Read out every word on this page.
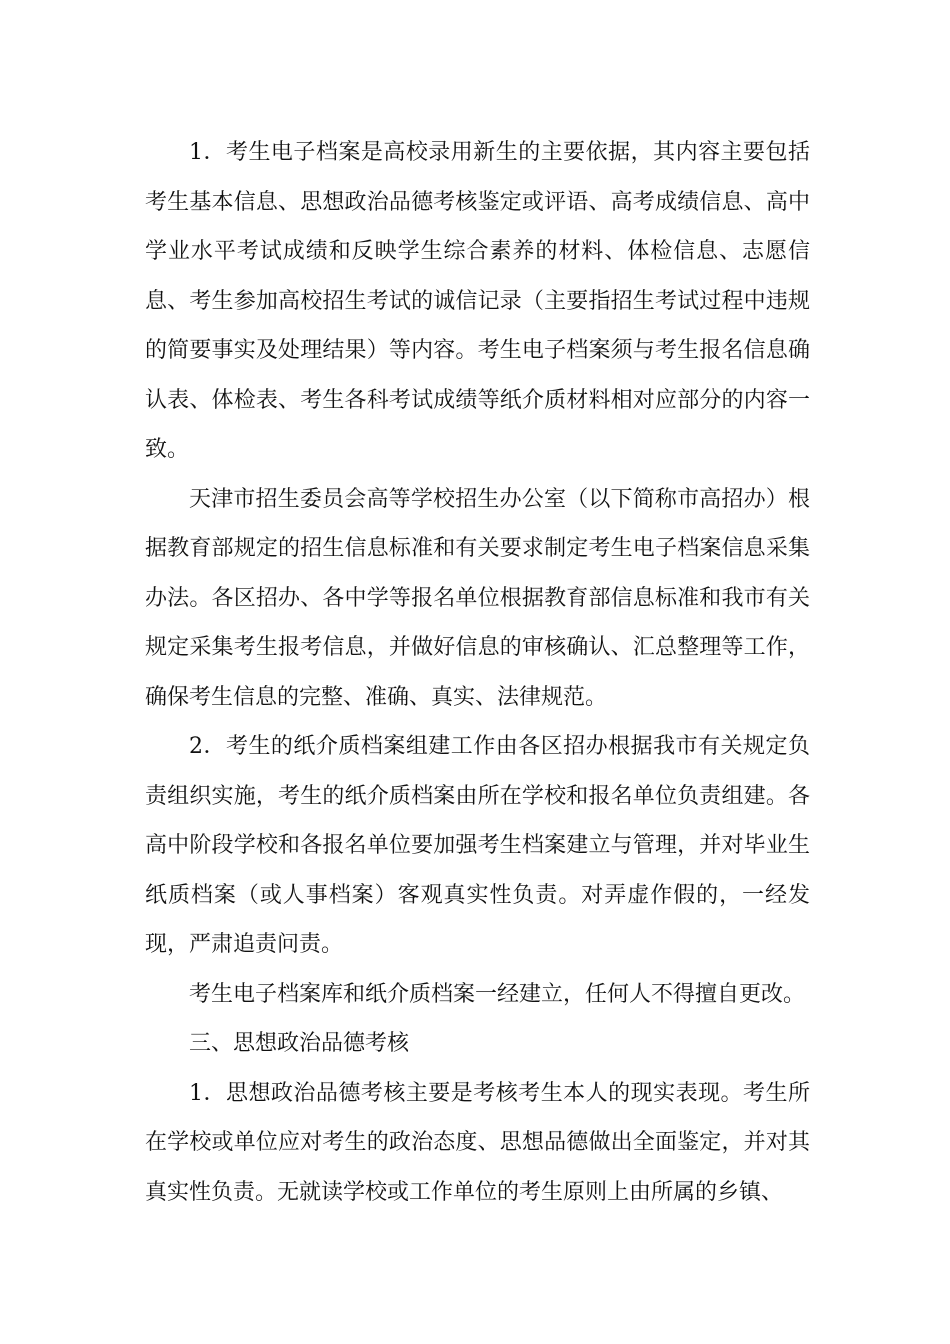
1．考生电子档案是高校录用新生的主要依据，其内容主要包括考生基本信息、思想政治品德考核鉴定或评语、高考成绩信息、高中学业水平考试成绩和反映学生综合素养的材料、体检信息、志愿信息、考生参加高校招生考试的诚信记录（主要指招生考试过程中违规的简要事实及处理结果）等内容。考生电子档案须与考生报名信息确认表、体检表、考生各科考试成绩等纸介质材料相对应部分的内容一致。

天津市招生委员会高等学校招生办公室（以下简称市高招办）根据教育部规定的招生信息标准和有关要求制定考生电子档案信息采集办法。各区招办、各中学等报名单位根据教育部信息标准和我市有关规定采集考生报考信息，并做好信息的审核确认、汇总整理等工作，确保考生信息的完整、准确、真实、法律规范。

2．考生的纸介质档案组建工作由各区招办根据我市有关规定负责组织实施，考生的纸介质档案由所在学校和报名单位负责组建。各高中阶段学校和各报名单位要加强考生档案建立与管理，并对毕业生纸质档案（或人事档案）客观真实性负责。对弄虚作假的，一经发现，严肃追责问责。

考生电子档案库和纸介质档案一经建立，任何人不得擅自更改。

三、思想政治品德考核

1．思想政治品德考核主要是考核考生本人的现实表现。考生所在学校或单位应对考生的政治态度、思想品德做出全面鉴定，并对其真实性负责。无就读学校或工作单位的考生原则上由所属的乡镇、
